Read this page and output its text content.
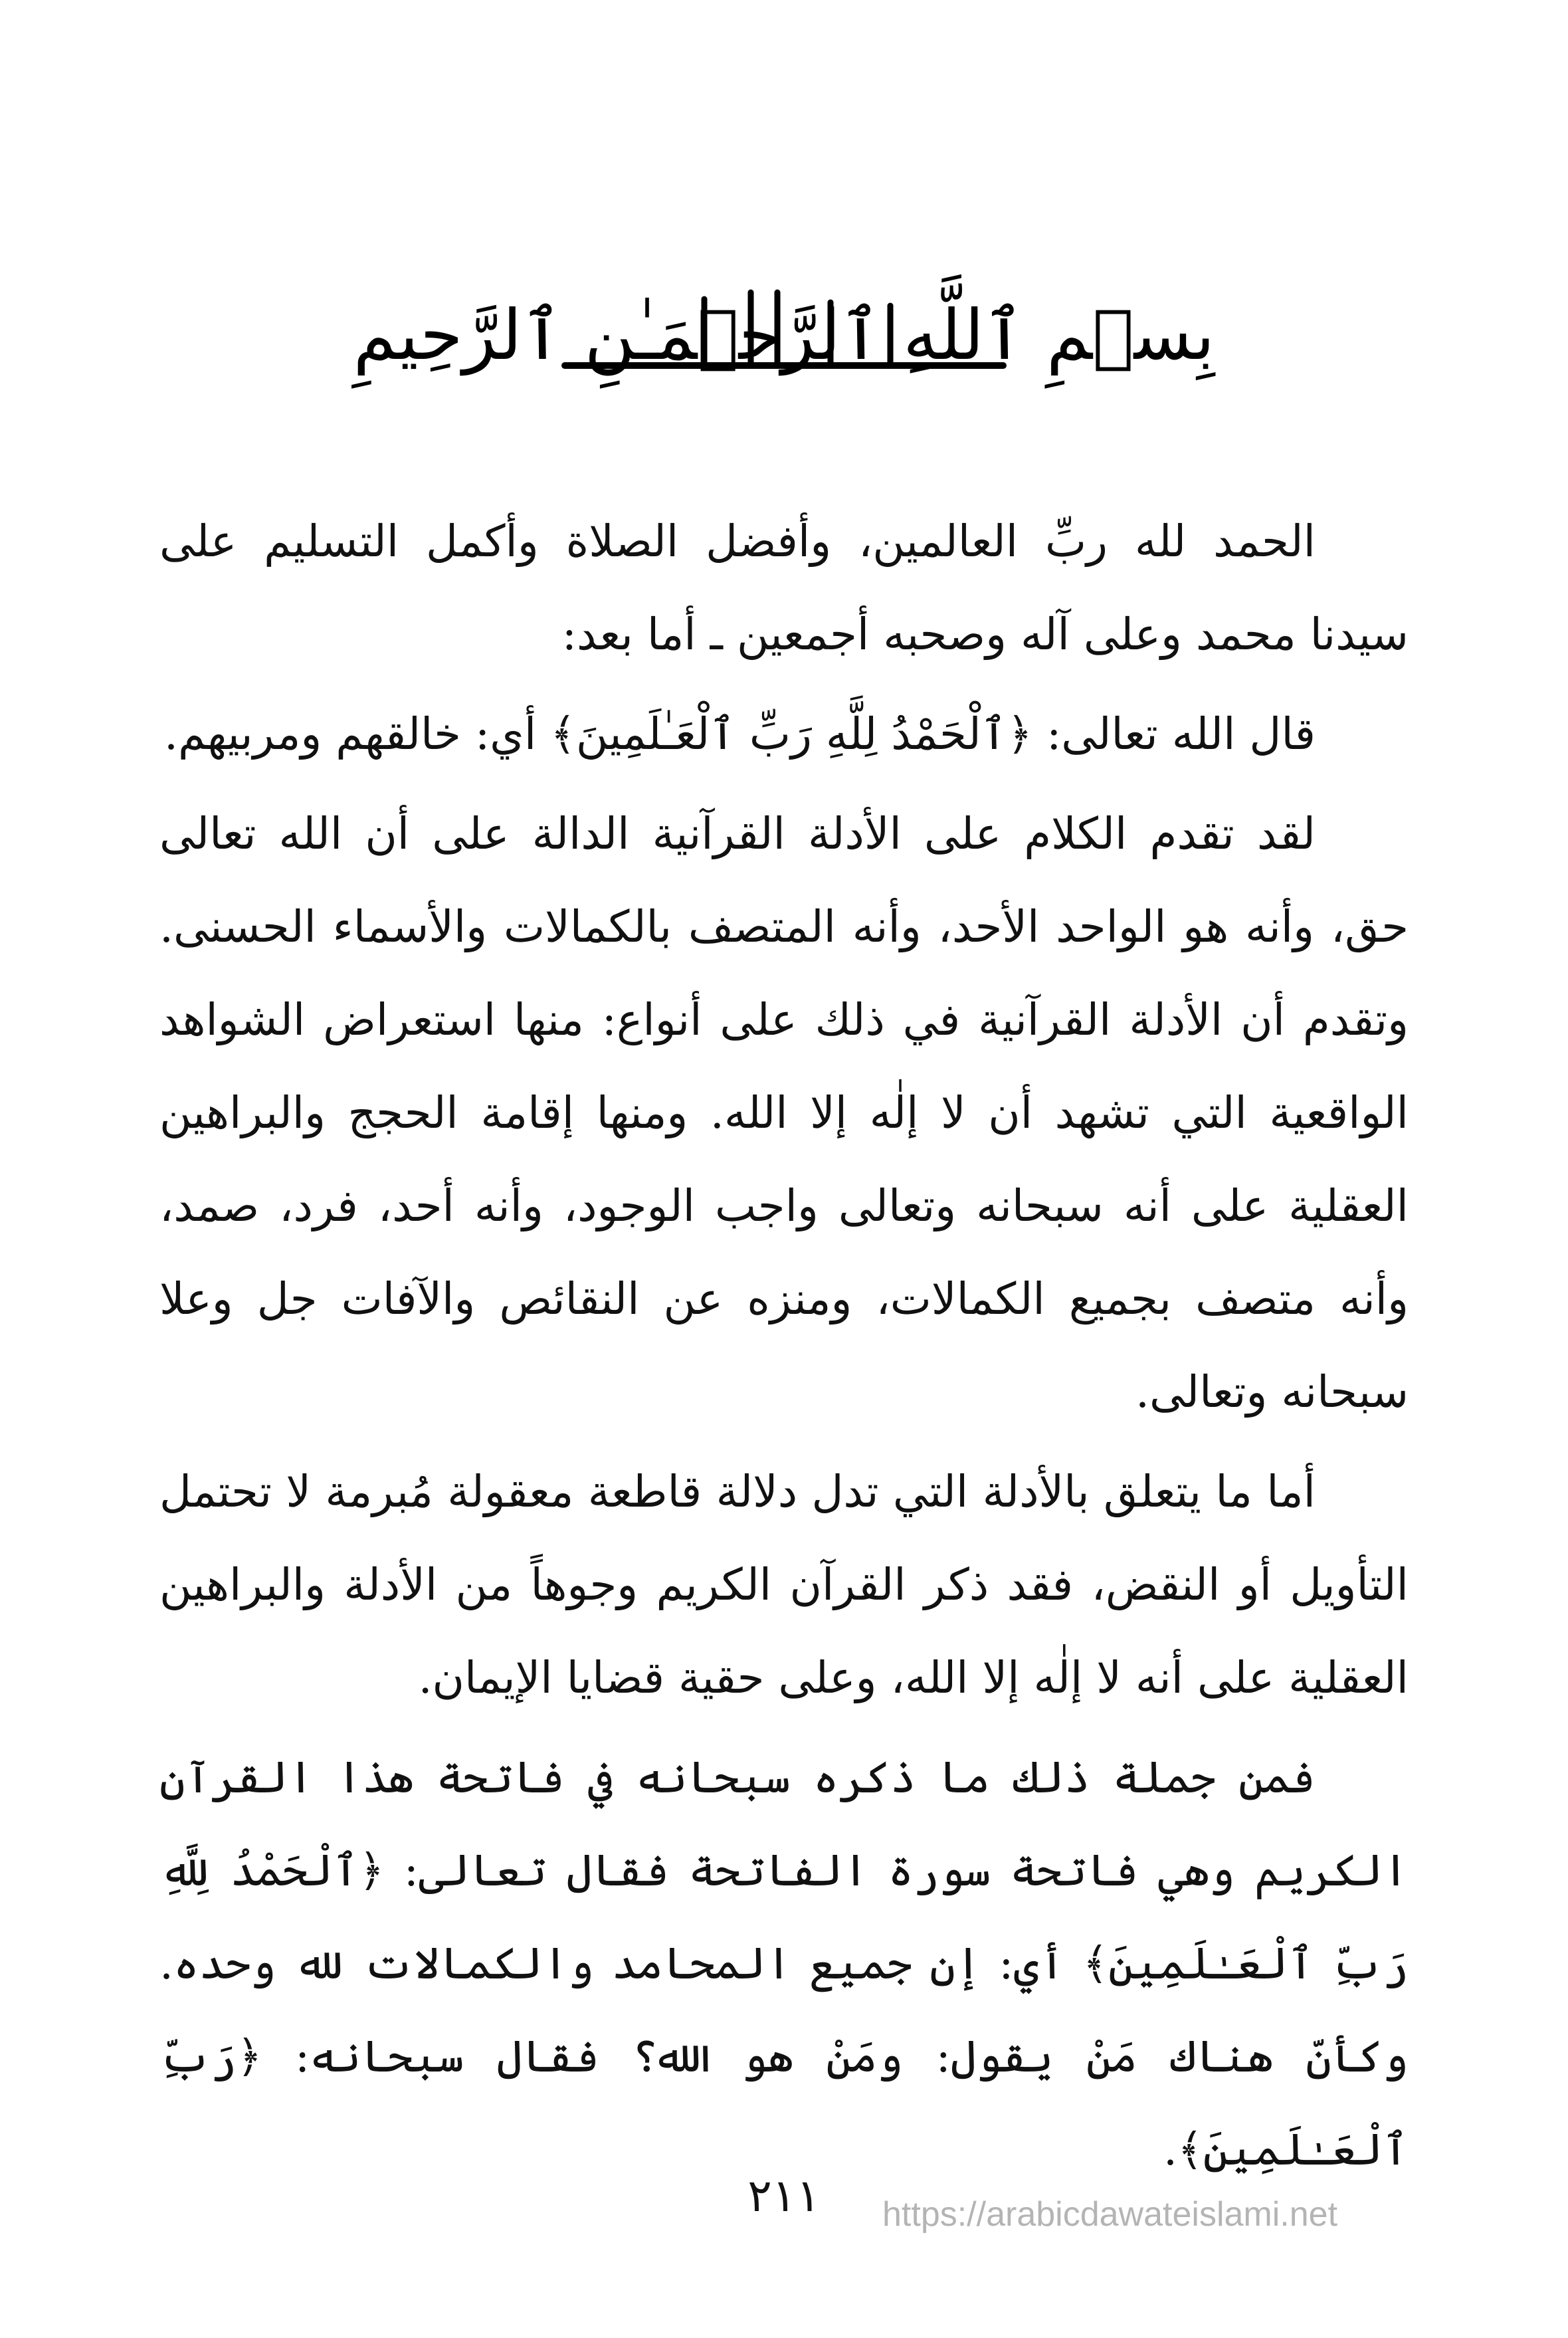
بِسۡمِ ٱللَّهِ ٱلرَّحۡمَـٰنِ ٱلرَّحِيمِ

الحمد لله ربِّ العالمين، وأفضل الصلاة وأكمل التسليم على سيدنا محمد وعلى آله وصحبه أجمعين ـ أما بعد:

قال الله تعالى: ﴿ٱلْحَمْدُ لِلَّهِ رَبِّ ٱلْعَـٰلَمِينَ﴾ أي: خالقهم ومربيهم.

لقد تقدم الكلام على الأدلة القرآنية الدالة على أن الله تعالى حق، وأنه هو الواحد الأحد، وأنه المتصف بالكمالات والأسماء الحسنى. وتقدم أن الأدلة القرآنية في ذلك على أنواع: منها استعراض الشواهد الواقعية التي تشهد أن لا إلٰه إلا الله. ومنها إقامة الحجج والبراهين العقلية على أنه سبحانه وتعالى واجب الوجود، وأنه أحد، فرد، صمد، وأنه متصف بجميع الكمالات، ومنزه عن النقائص والآفات جل وعلا سبحانه وتعالى.

أما ما يتعلق بالأدلة التي تدل دلالة قاطعة معقولة مُبرمة لا تحتمل التأويل أو النقض، فقد ذكر القرآن الكريم وجوهاً من الأدلة والبراهين العقلية على أنه لا إلٰه إلا الله، وعلى حقية قضايا الإيمان.

فمن جملة ذلك ما ذكره سبحانه في فاتحة هذا القرآن الكريم وهي فاتحة سورة الفاتحة فقال تعالى: ﴿ٱلْحَمْدُ لِلَّهِ رَبِّ ٱلْعَـٰلَمِينَ﴾ أي: إن جميع المحامد والكمالات لله وحده. وكأنّ هناك مَنْ يقول: ومَنْ هو الله؟ فقال سبحانه: ﴿رَبِّ ٱلْعَـٰلَمِينَ﴾.

٢١١	https://arabicdawateislami.net
